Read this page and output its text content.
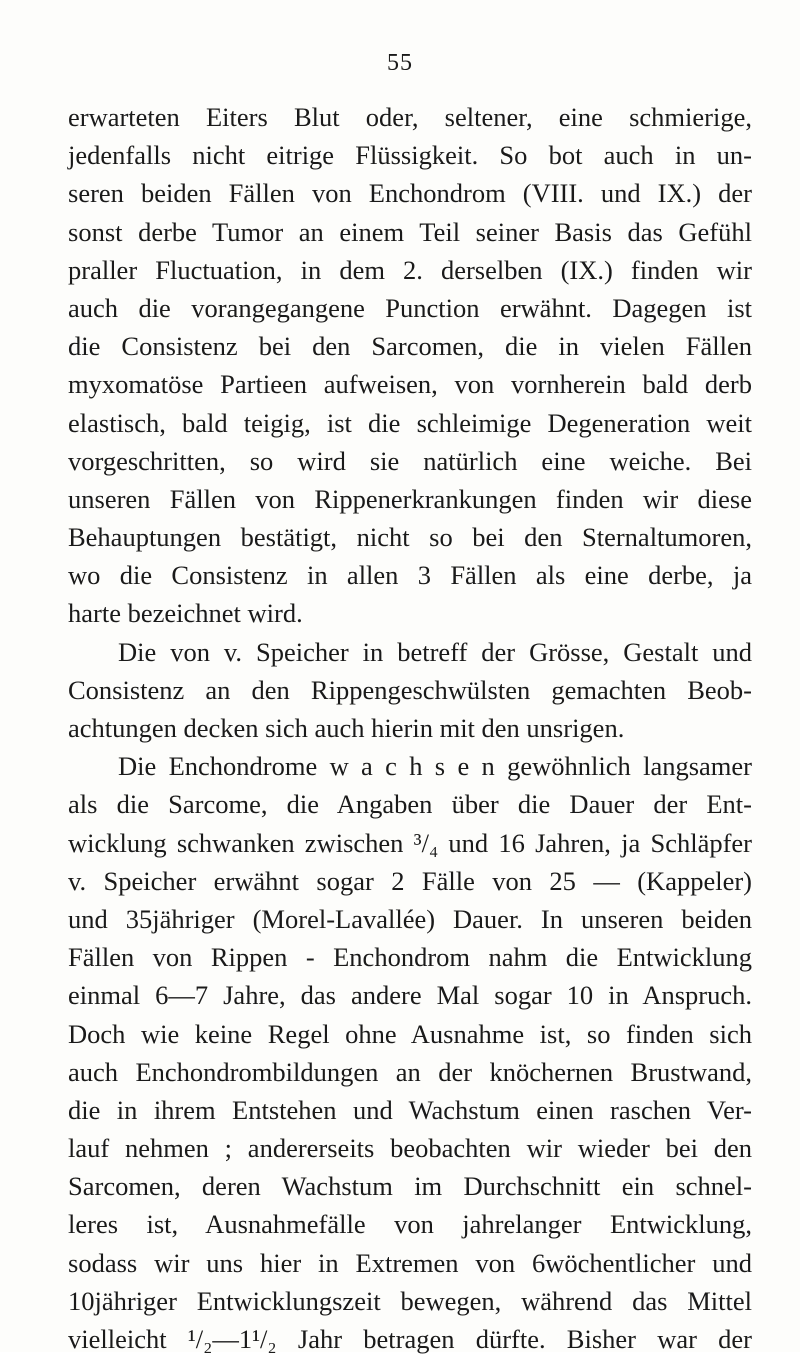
55
erwarteten Eiters Blut oder, seltener, eine schmierige,
jedenfalls nicht eitrige Flüssigkeit. So bot auch in un-
seren beiden Fällen von Enchondrom (VIII. und IX.) der
sonst derbe Tumor an einem Teil seiner Basis das Gefühl
praller Fluctuation, in dem 2. derselben (IX.) finden wir
auch die vorangegangene Punction erwähnt. Dagegen ist
die Consistenz bei den Sarcomen, die in vielen Fällen
myxomatöse Partieen aufweisen, von vornherein bald derb
elastisch, bald teigig, ist die schleimige Degeneration weit
vorgeschritten, so wird sie natürlich eine weiche. Bei
unseren Fällen von Rippenerkrankungen finden wir diese
Behauptungen bestätigt, nicht so bei den Sternaltumoren,
wo die Consistenz in allen 3 Fällen als eine derbe, ja
harte bezeichnet wird.
Die von v. Speicher in betreff der Grösse, Gestalt und
Consistenz an den Rippengeschwülsten gemachten Beob-
achtungen decken sich auch hierin mit den unsrigen.
Die Enchondrome w a c h s e n gewöhnlich langsamer
als die Sarcome, die Angaben über die Dauer der Ent-
wicklung schwanken zwischen ³/₄ und 16 Jahren, ja Schläpfer
v. Speicher erwähnt sogar 2 Fälle von 25 — (Kappeler)
und 35jähriger (Morel-Lavallée) Dauer. In unseren beiden
Fällen von Rippen - Enchondrom nahm die Entwicklung
einmal 6—7 Jahre, das andere Mal sogar 10 in Anspruch.
Doch wie keine Regel ohne Ausnahme ist, so finden sich
auch Enchondrombildungen an der knöchernen Brustwand,
die in ihrem Entstehen und Wachstum einen raschen Ver-
lauf nehmen ; andererseits beobachten wir wieder bei den
Sarcomen, deren Wachstum im Durchschnitt ein schnel-
leres ist, Ausnahmefälle von jahrelanger Entwicklung,
sodass wir uns hier in Extremen von 6wöchentlicher und
10jähriger Entwicklungszeit bewegen, während das Mittel
vielleicht ¹/₂—1¹/₂ Jahr betragen dürfte. Bisher war der
